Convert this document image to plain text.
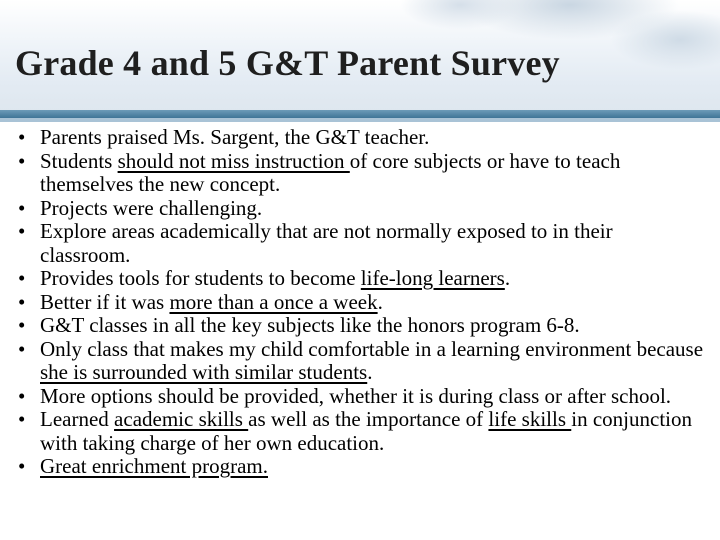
Grade 4 and 5 G&T Parent Survey
• Parents praised Ms. Sargent, the G&T teacher.
• Students should not miss instruction of core subjects or have to teach themselves the new concept.
• Projects were challenging.
• Explore areas academically that are not normally exposed to in their classroom.
• Provides tools for students to become life-long learners.
• Better if it was more than a once a week.
• G&T classes in all the key subjects like the honors program 6-8.
• Only class that makes my child comfortable in a learning environment because she is surrounded with similar students.
• More options should be provided, whether it is during class or after school.
• Learned academic skills as well as the importance of life skills in conjunction with taking charge of her own education.
• Great enrichment program.
